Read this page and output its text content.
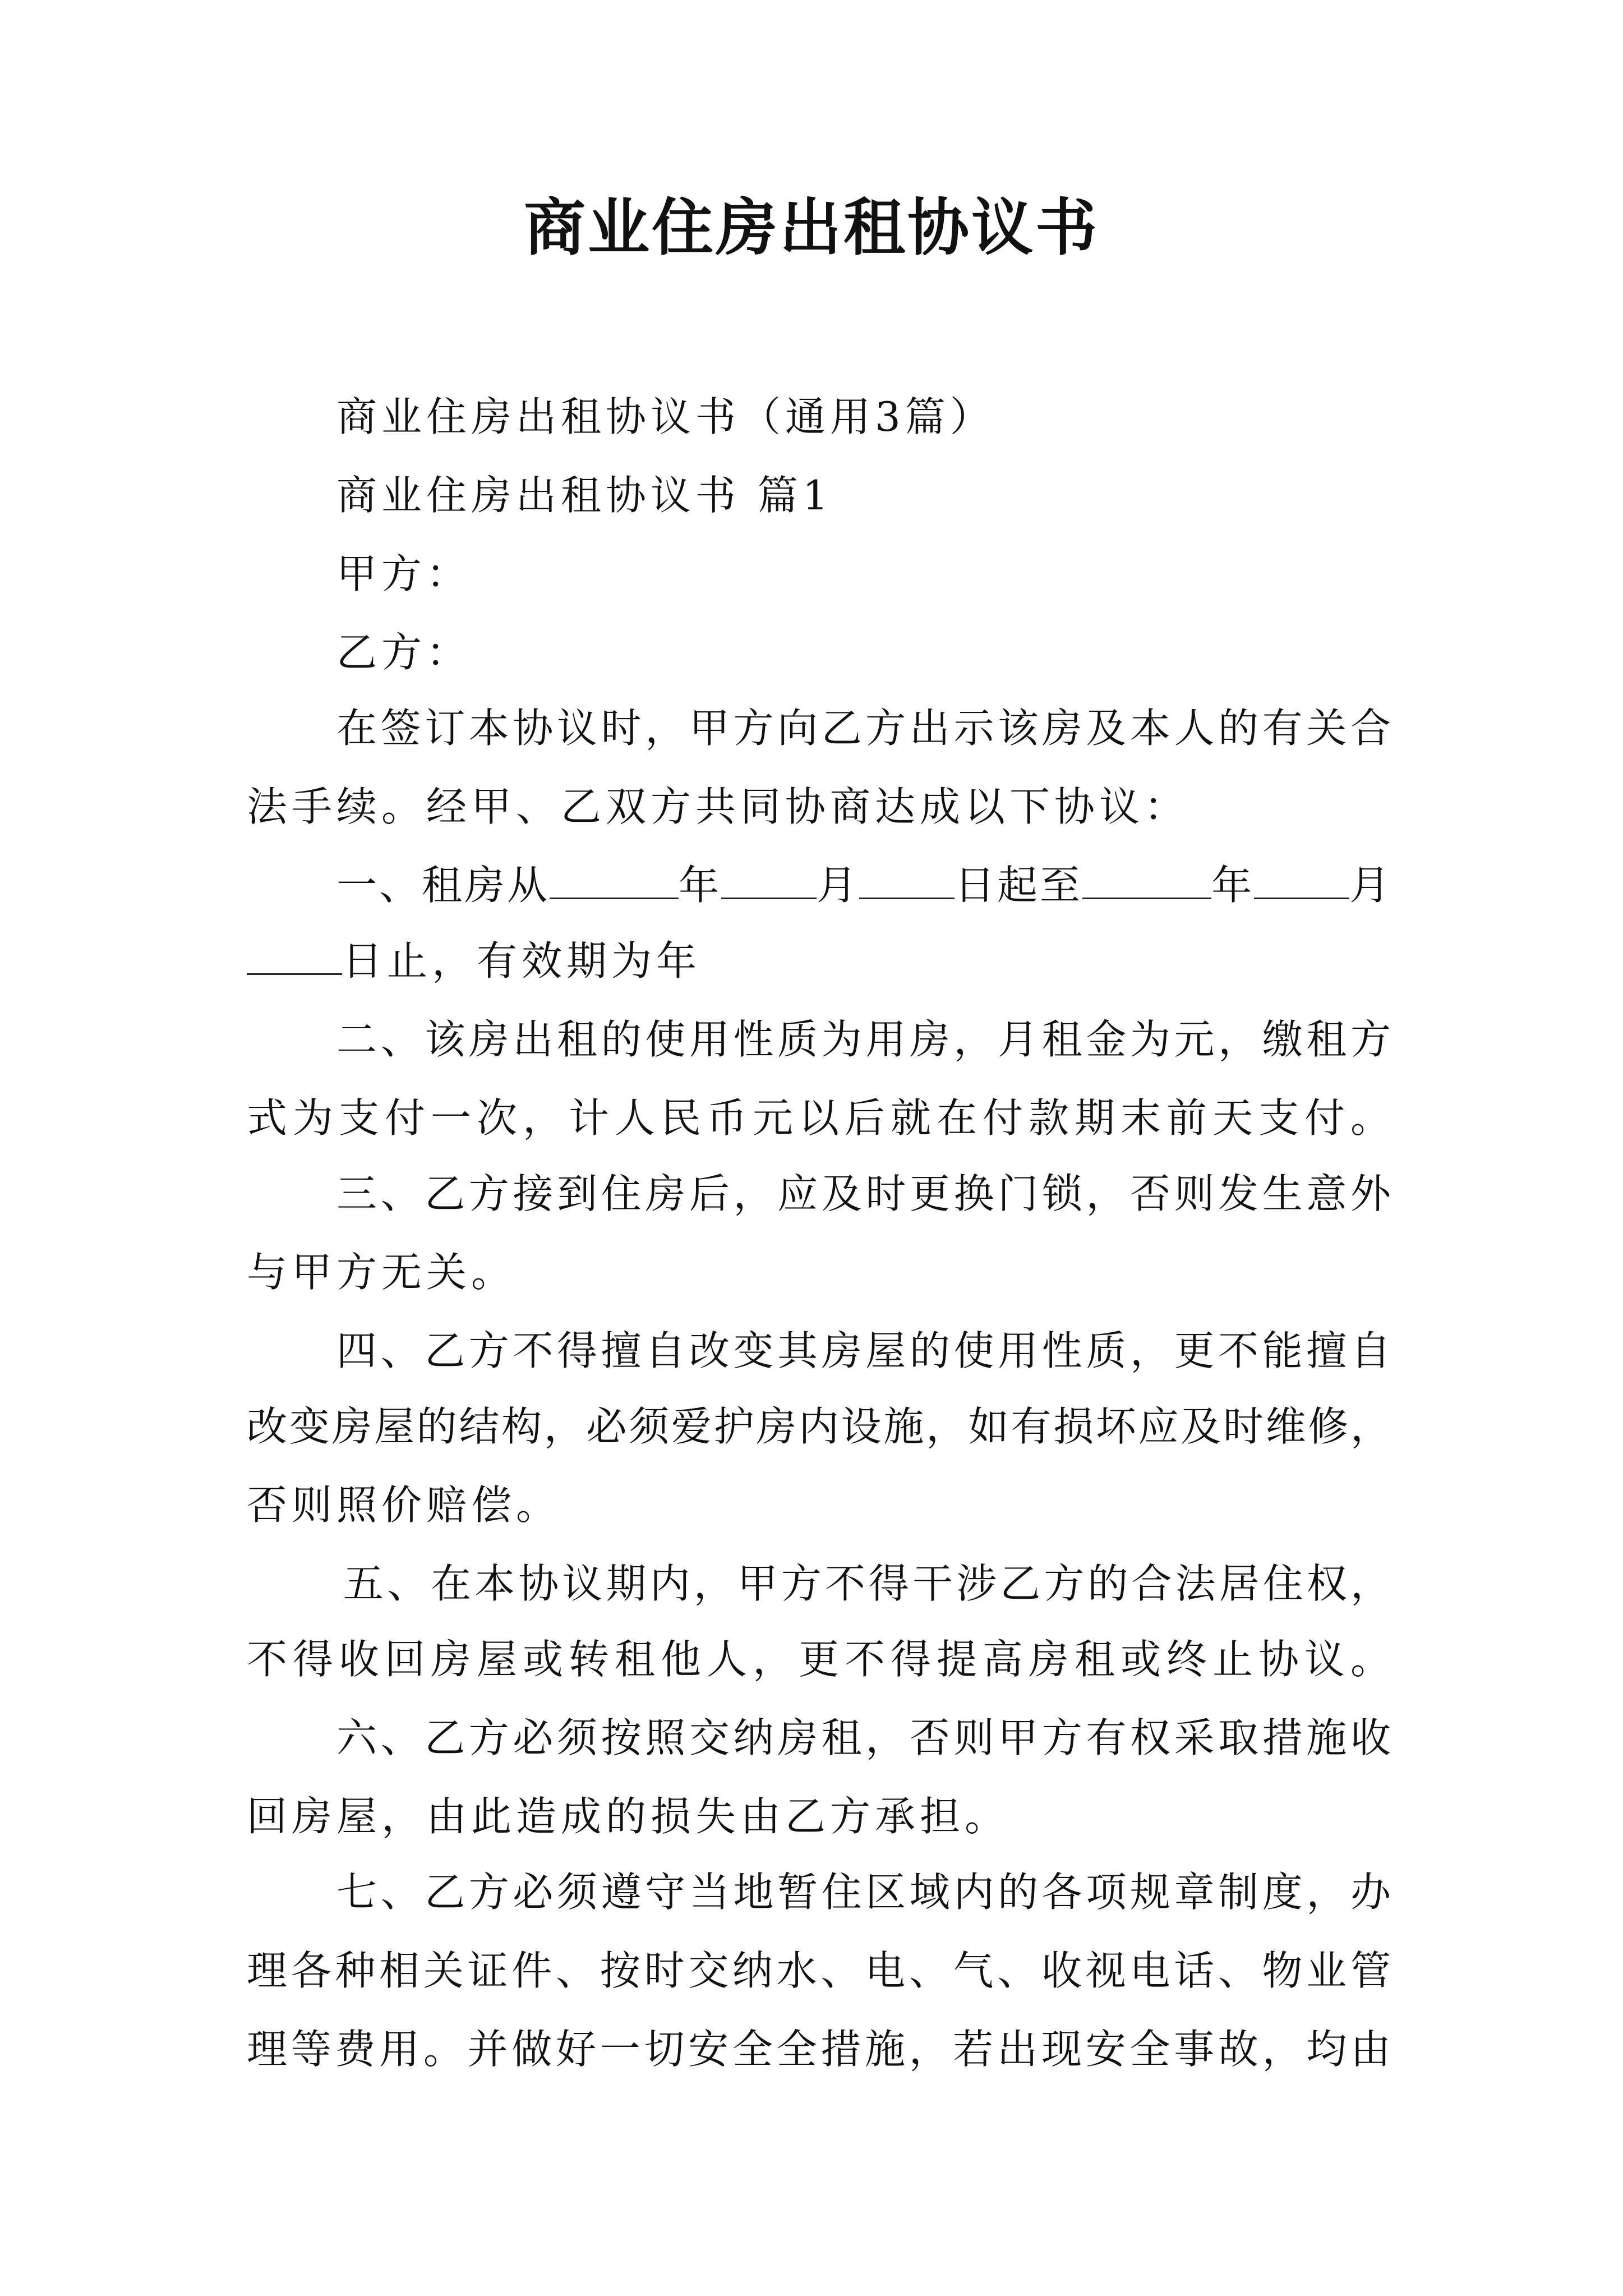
商业住房出租协议书
商业住房出租协议书（通用3篇）
商业住房出租协议书 篇1
甲方：
乙方：
在签订本协议时，甲方向乙方出示该房及本人的有关合
法手续。经甲、乙双方共同协商达成以下协议：
一、租房从	年 月 日起至	年 月
日止，有效期为年
二、该房出租的使用性质为用房，月租金为元，缴租方
式为支付一次，计人民币元以后就在付款期末前天支付。
三、乙方接到住房后，应及时更换门锁，否则发生意外
与甲方无关。
四、乙方不得擅自改变其房屋的使用性质，更不能擅自
改变房屋的结构，必须爱护房内设施，如有损坏应及时维修，
否则照价赔偿。
五、在本协议期内，甲方不得干涉乙方的合法居住权，
不得收回房屋或转租他人，更不得提高房租或终止协议。
六、乙方必须按照交纳房租，否则甲方有权采取措施收
回房屋，由此造成的损失由乙方承担。
七、乙方必须遵守当地暂住区域内的各项规章制度，办
理各种相关证件、按时交纳水、电、气、收视电话、物业管
理等费用。并做好一切安全全措施，若出现安全事故，均由
